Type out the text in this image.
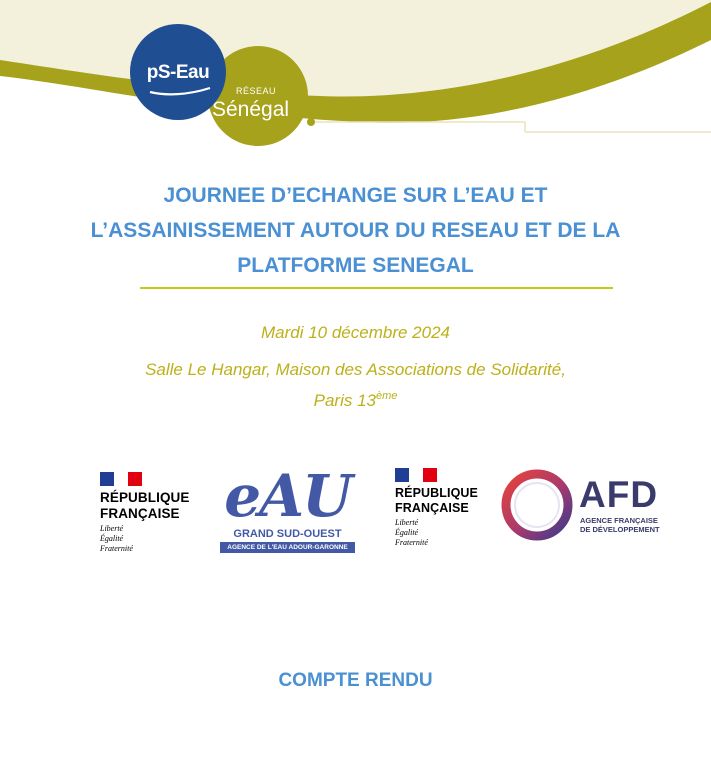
RÉSEAU
Sénégal
pS-Eau
JOURNEE D’ECHANGE SUR L’EAU ET
L’ASSAINISSEMENT AUTOUR DU RESEAU ET DE LA
PLATFORME SENEGAL
Mardi 10 décembre 2024
Salle Le Hangar, Maison des Associations de Solidarité,
Paris 13ème
RÉPUBLIQUE
FRANÇAISE
Liberté
Égalité
Fraternité
eAU
GRAND SUD-OUEST
AGENCE DE L'EAU ADOUR-GARONNE
RÉPUBLIQUE
FRANÇAISE
Liberté
Égalité
Fraternité
AFD
AGENCE FRANÇAISE
DE DÉVELOPPEMENT
COMPTE RENDU
